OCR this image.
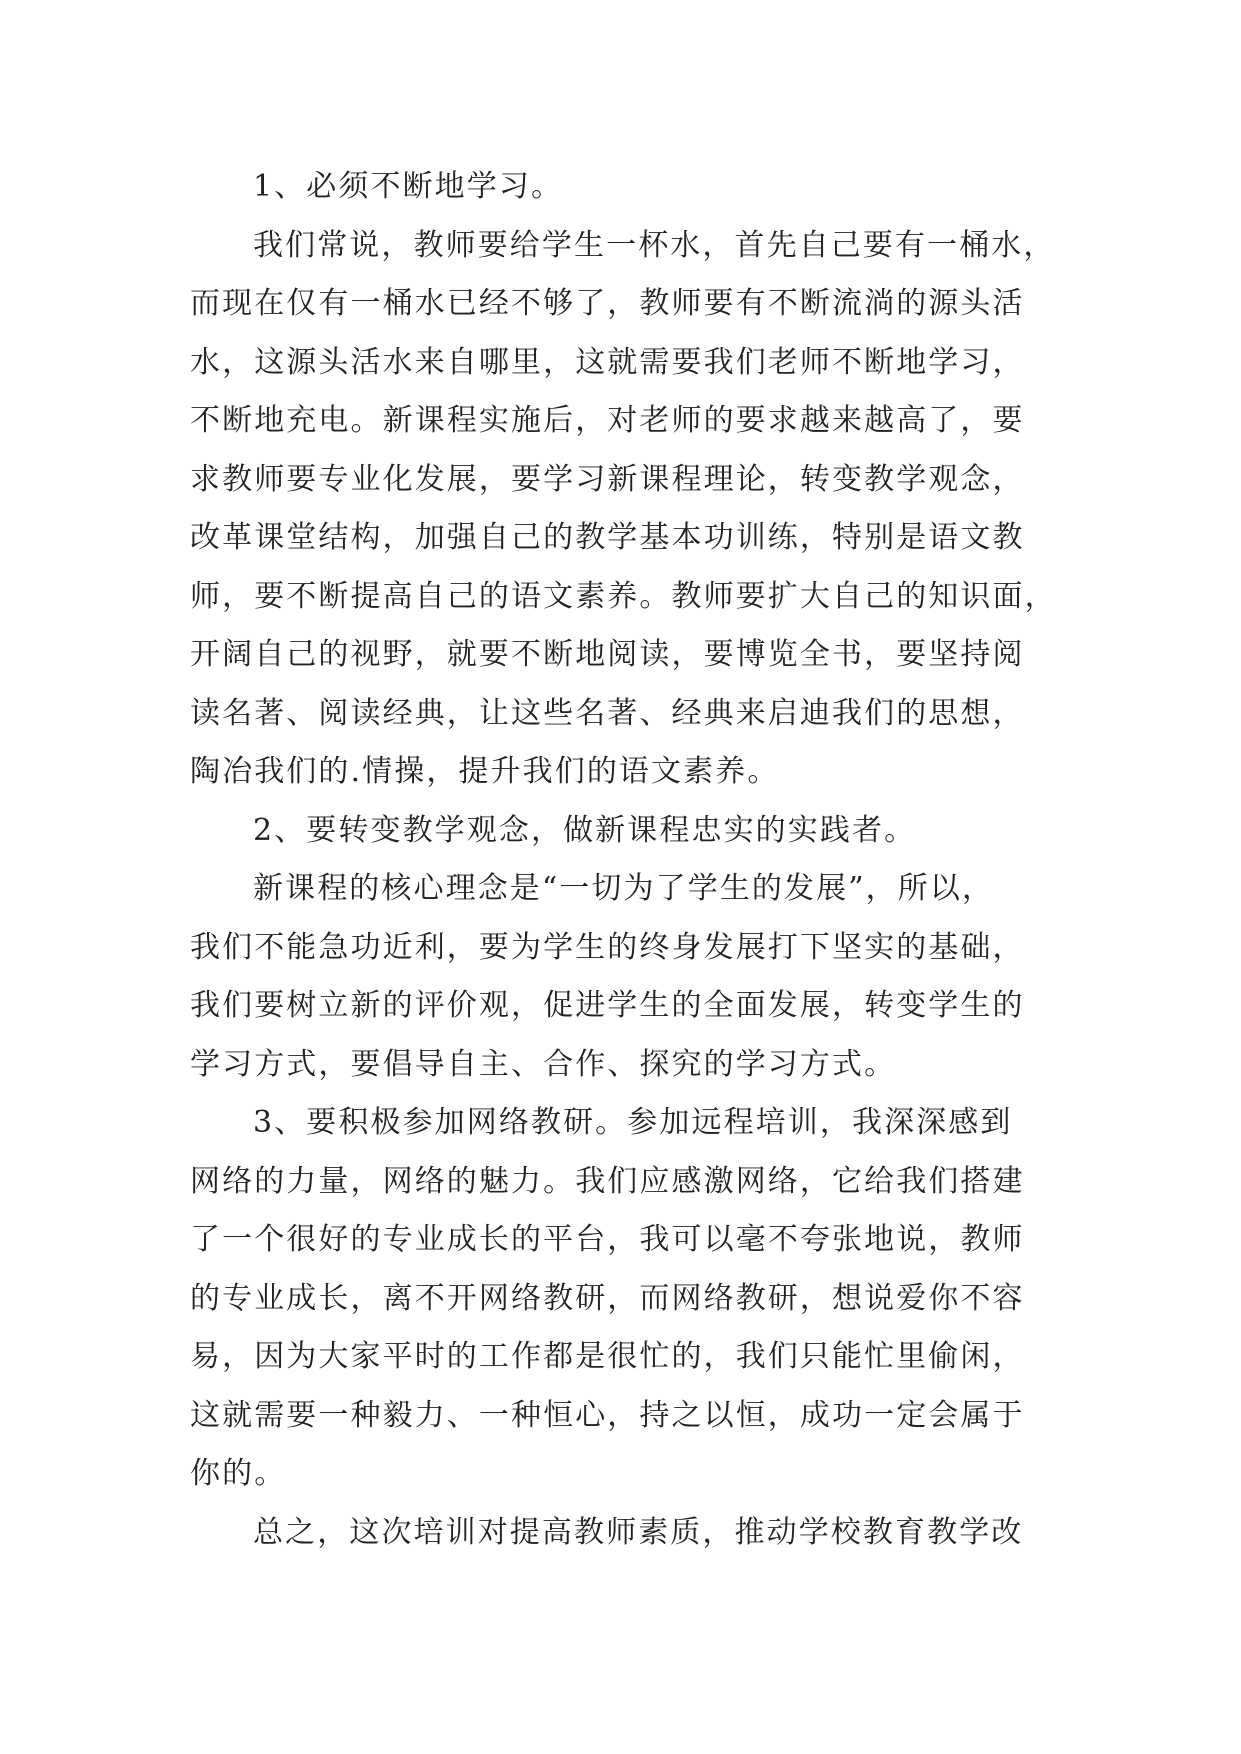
1、必须不断地学习。

我们常说，教师要给学生一杯水，首先自己要有一桶水，

而现在仅有一桶水已经不够了，教师要有不断流淌的源头活

水，这源头活水来自哪里，这就需要我们老师不断地学习，

不断地充电。新课程实施后，对老师的要求越来越高了，要

求教师要专业化发展，要学习新课程理论，转变教学观念，

改革课堂结构，加强自己的教学基本功训练，特别是语文教

师，要不断提高自己的语文素养。教师要扩大自己的知识面，

开阔自己的视野，就要不断地阅读，要博览全书，要坚持阅

读名著、阅读经典，让这些名著、经典来启迪我们的思想，

陶冶我们的.情操，提升我们的语文素养。

2、要转变教学观念，做新课程忠实的实践者。

新课程的核心理念是“一切为了学生的发展”，所以，

我们不能急功近利，要为学生的终身发展打下坚实的基础，

我们要树立新的评价观，促进学生的全面发展，转变学生的

学习方式，要倡导自主、合作、探究的学习方式。

3、要积极参加网络教研。参加远程培训，我深深感到

网络的力量，网络的魅力。我们应感激网络，它给我们搭建

了一个很好的专业成长的平台，我可以毫不夸张地说，教师

的专业成长，离不开网络教研，而网络教研，想说爱你不容

易，因为大家平时的工作都是很忙的，我们只能忙里偷闲，

这就需要一种毅力、一种恒心，持之以恒，成功一定会属于

你的。

总之，这次培训对提高教师素质，推动学校教育教学改
